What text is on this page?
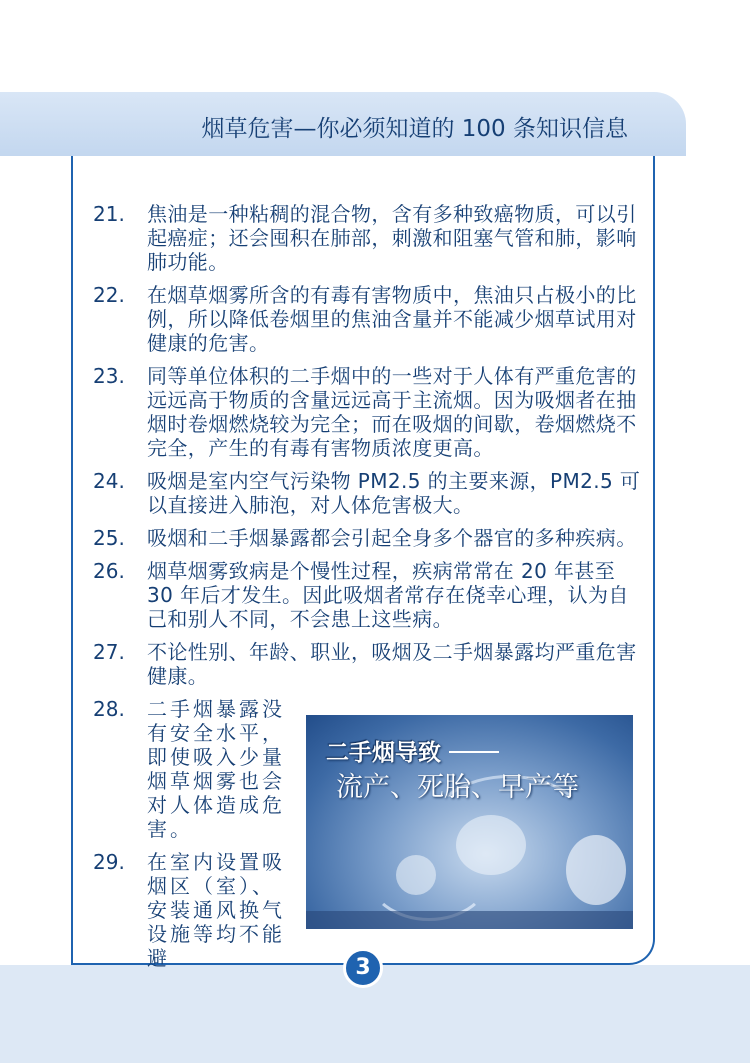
烟草危害—你必须知道的 100 条知识信息
21.	焦油是一种粘稠的混合物，含有多种致癌物质，可以引起癌症；还会囤积在肺部，刺激和阻塞气管和肺，影响肺功能。
22.	在烟草烟雾所含的有毒有害物质中，焦油只占极小的比例，所以降低卷烟里的焦油含量并不能减少烟草试用对健康的危害。
23.	同等单位体积的二手烟中的一些对于人体有严重危害的远远高于物质的含量远远高于主流烟。因为吸烟者在抽烟时卷烟燃烧较为完全；而在吸烟的间歇，卷烟燃烧不完全，产生的有毒有害物质浓度更高。
24.	吸烟是室内空气污染物 PM2.5 的主要来源，PM2.5 可以直接进入肺泡，对人体危害极大。
25.	吸烟和二手烟暴露都会引起全身多个器官的多种疾病。
26.	烟草烟雾致病是个慢性过程，疾病常常在 20 年甚至 30 年后才发生。因此吸烟者常存在侥幸心理，认为自己和别人不同，不会患上这些病。
27.	不论性别、年龄、职业，吸烟及二手烟暴露均严重危害健康。
28.	二手烟暴露没有安全水平，即使吸入少量烟草烟雾也会对人体造成危害。
29.	在室内设置吸烟区（室）、安装通风换气设施等均不能避
二手烟导致
流产、死胎、早产等
3
